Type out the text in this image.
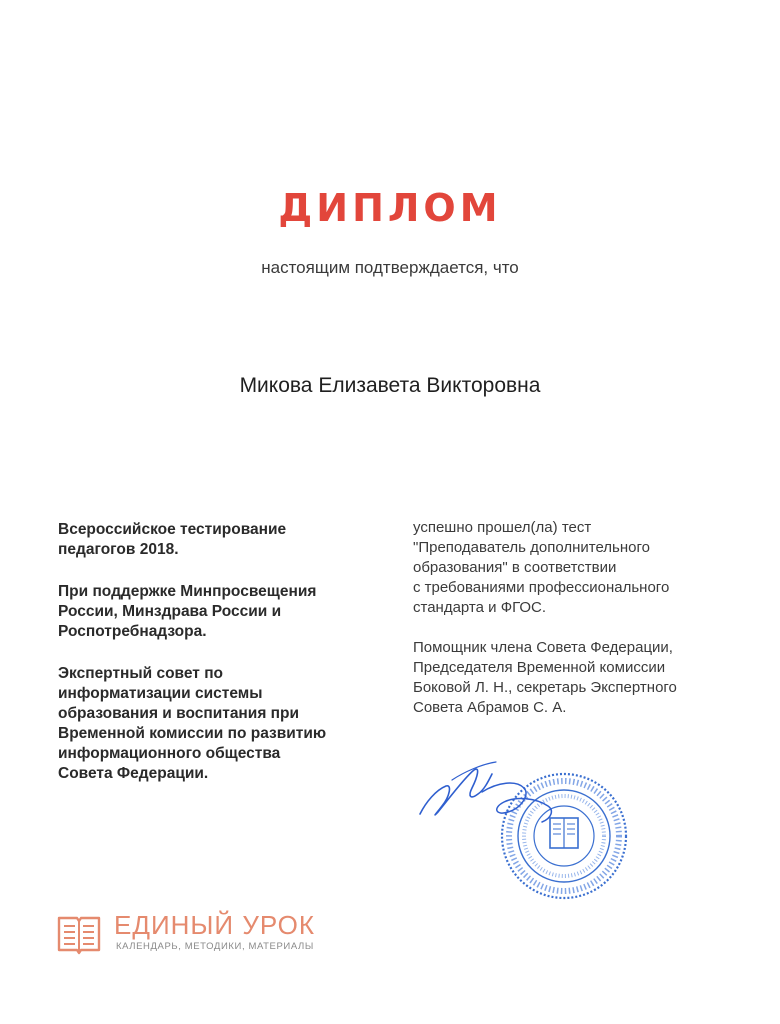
ДИПЛОМ
настоящим подтверждается, что
Микова Елизавета Викторовна

Всероссийское тестирование
педагогов 2018.

При поддержке Минпросвещения
России, Минздрава России и
Роспотребнадзора.

Экспертный совет по
информатизации системы
образования и воспитания при
Временной комиссии по развитию
информационного общества
Совета Федерации.

успешно прошел(ла) тест
"Преподаватель дополнительного
образования" в соответствии
с требованиями профессионального
стандарта и ФГОС.

Помощник члена Совета Федерации,
Председателя Временной комиссии
Боковой Л. Н., секретарь Экспертного
Совета Абрамов С. А.

ЕДИНЫЙ УРОК
КАЛЕНДАРЬ, МЕТОДИКИ, МАТЕРИАЛЫ
